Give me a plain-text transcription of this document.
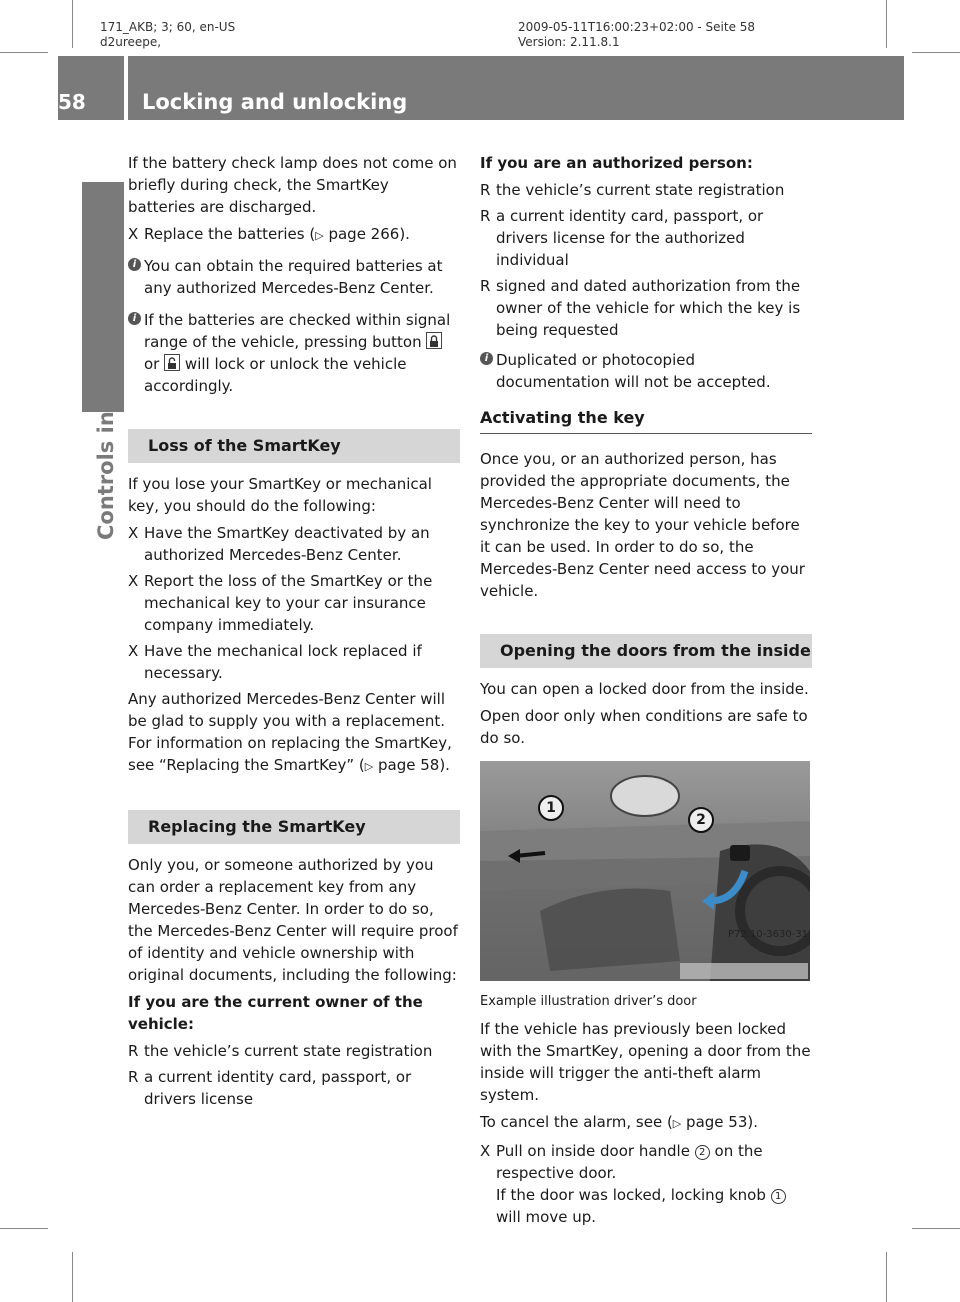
171_AKB; 3; 60, en-US
d2ureepe,
2009-05-11T16:00:23+02:00 - Seite 58
Version: 2.11.8.1
58	Locking and unlocking
Controls in detail

If the battery check lamp does not come on briefly during check, the SmartKey batteries are discharged.

X Replace the batteries (▷ page 266).
i You can obtain the required batteries at any authorized Mercedes-Benz Center.
i If the batteries are checked within signal range of the vehicle, pressing button  or will lock or unlock the vehicle accordingly.
Loss of the SmartKey

If you lose your SmartKey or mechanical key, you should do the following:

X Have the SmartKey deactivated by an authorized Mercedes-Benz Center.
X Report the loss of the SmartKey or the mechanical key to your car insurance company immediately.
X Have the mechanical lock replaced if necessary.

Any authorized Mercedes-Benz Center will be glad to supply you with a replacement. For information on replacing the SmartKey, see “Replacing the SmartKey” (▷ page 58).

Replacing the SmartKey

Only you, or someone authorized by you can order a replacement key from any Mercedes-Benz Center. In order to do so, the Mercedes-Benz Center will require proof of identity and vehicle ownership with original documents, including the following:

If you are the current owner of the vehicle:

R the vehicle’s current state registration
R a current identity card, passport, or drivers license

If you are an authorized person:

R the vehicle’s current state registration
R a current identity card, passport, or drivers license for the authorized individual
R signed and dated authorization from the owner of the vehicle for which the key is being requested
i Duplicated or photocopied documentation will not be accepted.
Activating the key

Once you, or an authorized person, has provided the appropriate documents, the Mercedes-Benz Center will need to synchronize the key to your vehicle before it can be used. In order to do so, the Mercedes-Benz Center need access to your vehicle.

Opening the doors from the inside

You can open a locked door from the inside.

Open door only when conditions are safe to do so.

1
2
P72.10-3630-31

Example illustration driver’s door

If the vehicle has previously been locked with the SmartKey, opening a door from the inside will trigger the anti-theft alarm system.

To cancel the alarm, see (▷ page 53).

X Pull on inside door handle 2 on the respective door.
If the door was locked, locking knob 1 will move up.
